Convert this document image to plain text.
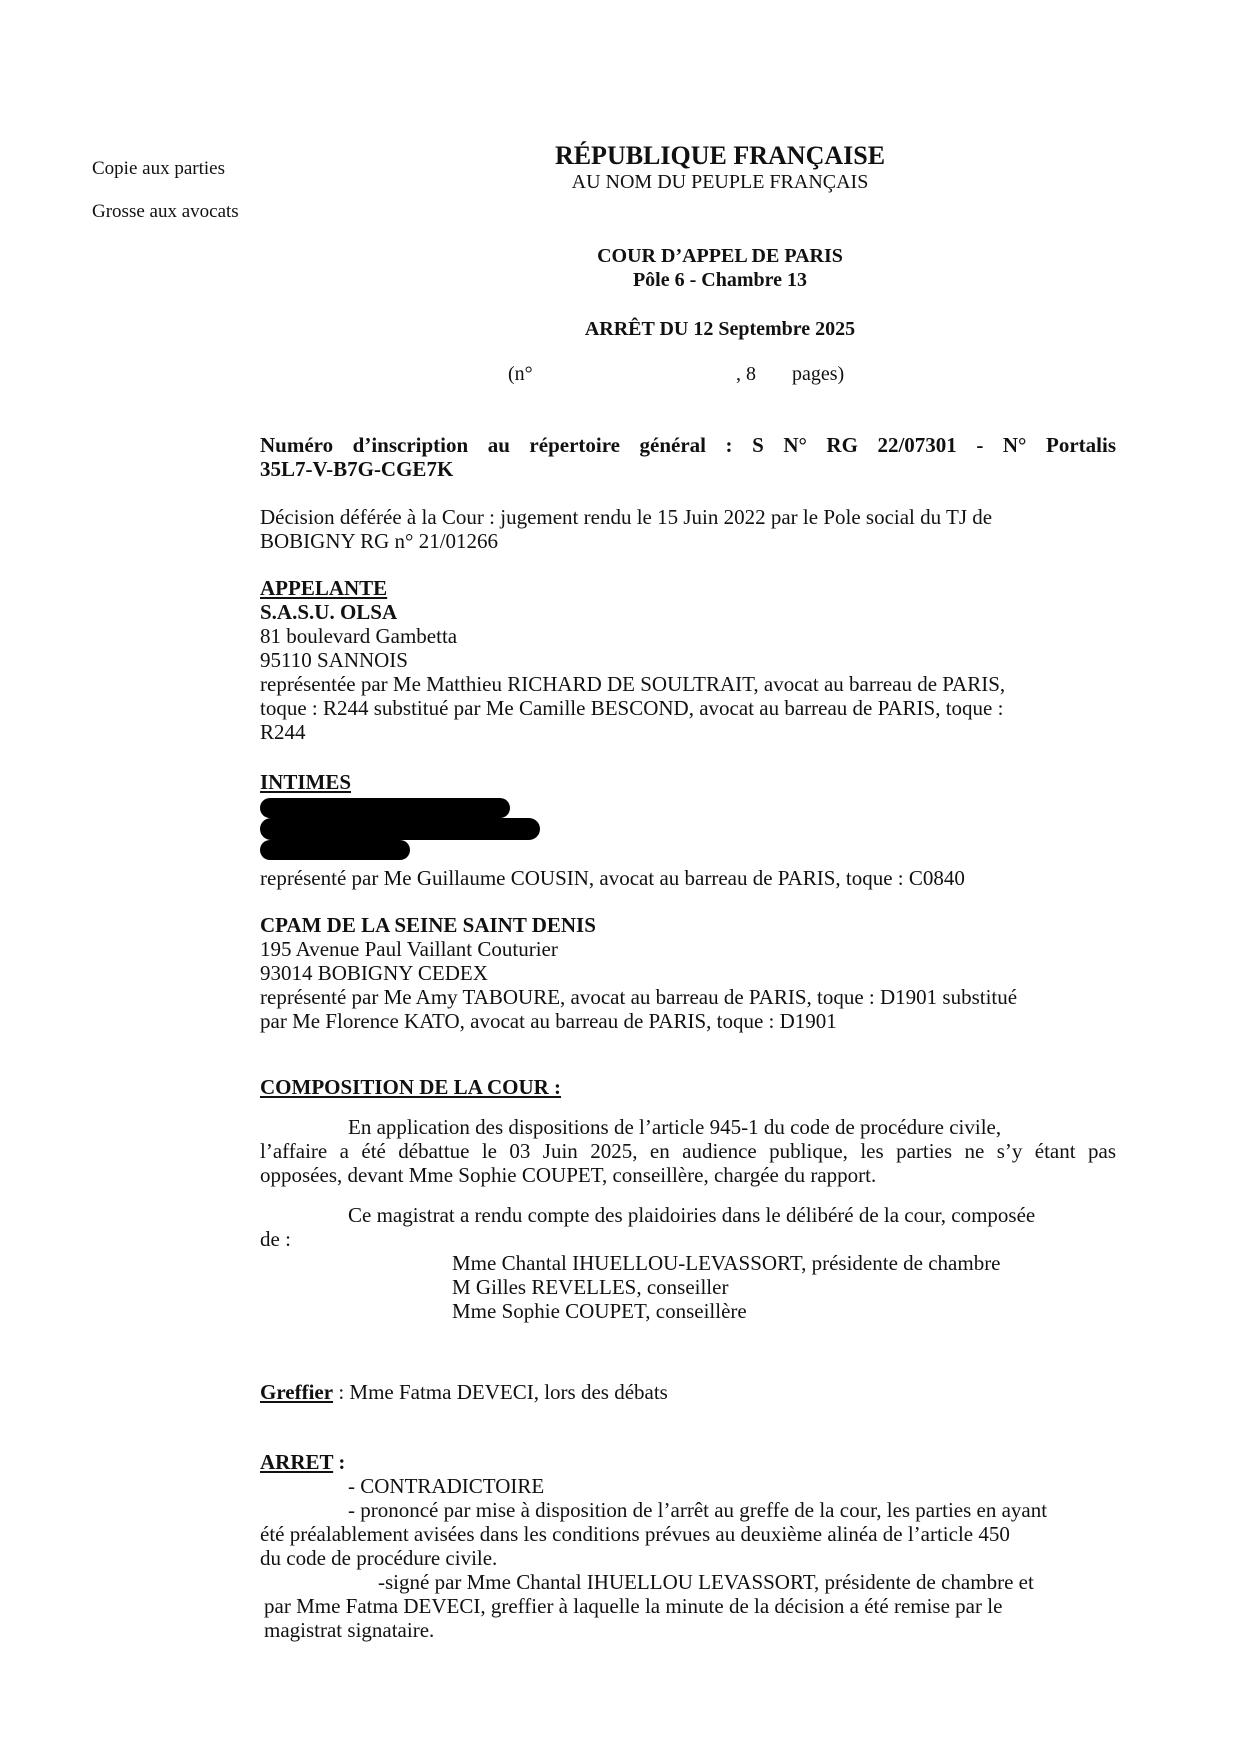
Copie aux parties
Grosse aux avocats
RÉPUBLIQUE FRANÇAISE
AU NOM DU PEUPLE FRANÇAIS
COUR D’APPEL DE PARIS
Pôle 6 - Chambre 13
ARRÊT DU 12 Septembre 2025
(n°	, 8 pages)
Numéro d’inscription au répertoire général : S N° RG 22/07301 - N° Portalis
35L7-V-B7G-CGE7K
Décision déférée à la Cour : jugement rendu le 15 Juin 2022 par le Pole social du TJ de
BOBIGNY RG n° 21/01266
APPELANTE
S.A.S.U. OLSA
81 boulevard Gambetta
95110 SANNOIS
représentée par Me Matthieu RICHARD DE SOULTRAIT, avocat au barreau de PARIS,
toque : R244 substitué par Me Camille BESCOND, avocat au barreau de PARIS, toque :
R244
INTIMES
représenté par Me Guillaume COUSIN, avocat au barreau de PARIS, toque : C0840
CPAM DE LA SEINE SAINT DENIS
195 Avenue Paul Vaillant Couturier
93014 BOBIGNY CEDEX
représenté par Me Amy TABOURE, avocat au barreau de PARIS, toque : D1901 substitué
par Me Florence KATO, avocat au barreau de PARIS, toque : D1901
COMPOSITION DE LA COUR :
En application des dispositions de l’article 945-1 du code de procédure civile,
l’affaire a été débattue le 03 Juin 2025, en audience publique, les parties ne s’y étant pas
opposées, devant Mme Sophie COUPET, conseillère, chargée du rapport.
Ce magistrat a rendu compte des plaidoiries dans le délibéré de la cour, composée
de :
Mme Chantal IHUELLOU-LEVASSORT, présidente de chambre
M Gilles REVELLES, conseiller
Mme Sophie COUPET, conseillère
Greffier : Mme Fatma DEVECI, lors des débats
ARRET :
- CONTRADICTOIRE
- prononcé par mise à disposition de l’arrêt au greffe de la cour, les parties en ayant
été préalablement avisées dans les conditions prévues au deuxième alinéa de l’article 450
du code de procédure civile.
-signé par Mme Chantal IHUELLOU LEVASSORT, présidente de chambre et
par Mme Fatma DEVECI, greffier à laquelle la minute de la décision a été remise par le
magistrat signataire.
